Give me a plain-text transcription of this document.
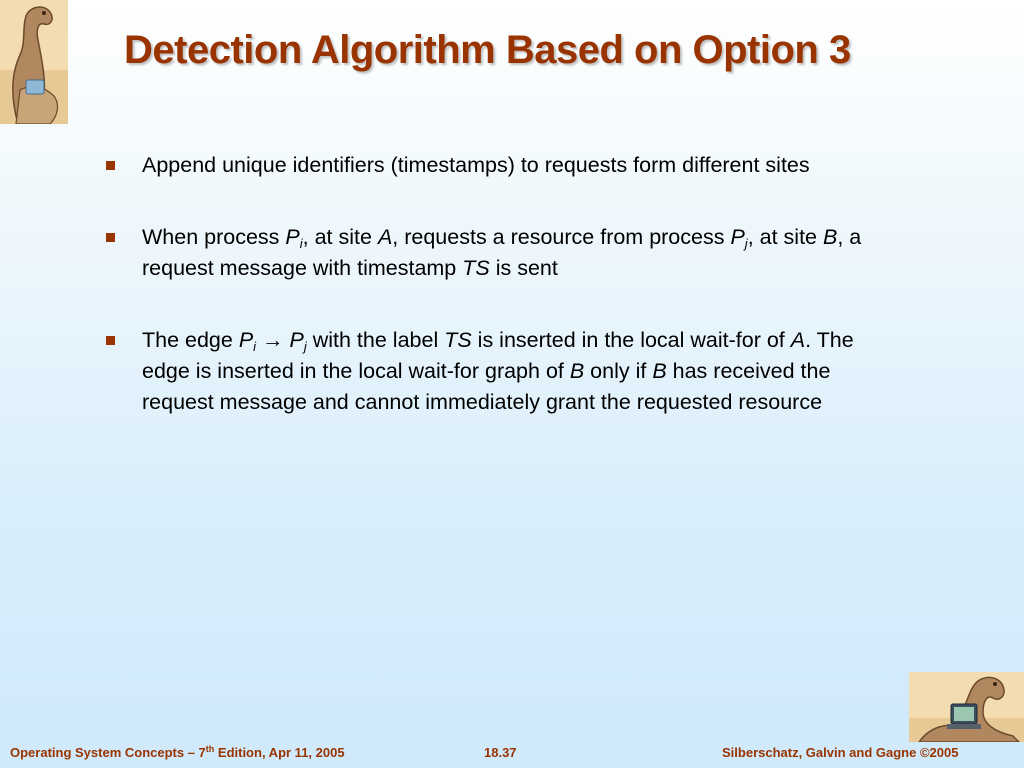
Detection Algorithm Based on Option 3
Append unique identifiers (timestamps) to requests form different sites
When process $P_i$, at site A, requests a resource from process $P_j$, at site B, a request message with timestamp TS is sent
The edge $P_i \to P_j$ with the label TS is inserted in the local wait-for of A. The edge is inserted in the local wait-for graph of B only if B has received the request message and cannot immediately grant the requested resource
Operating System Concepts – 7th Edition, Apr 11, 2005	18.37	Silberschatz, Galvin and Gagne ©2005
